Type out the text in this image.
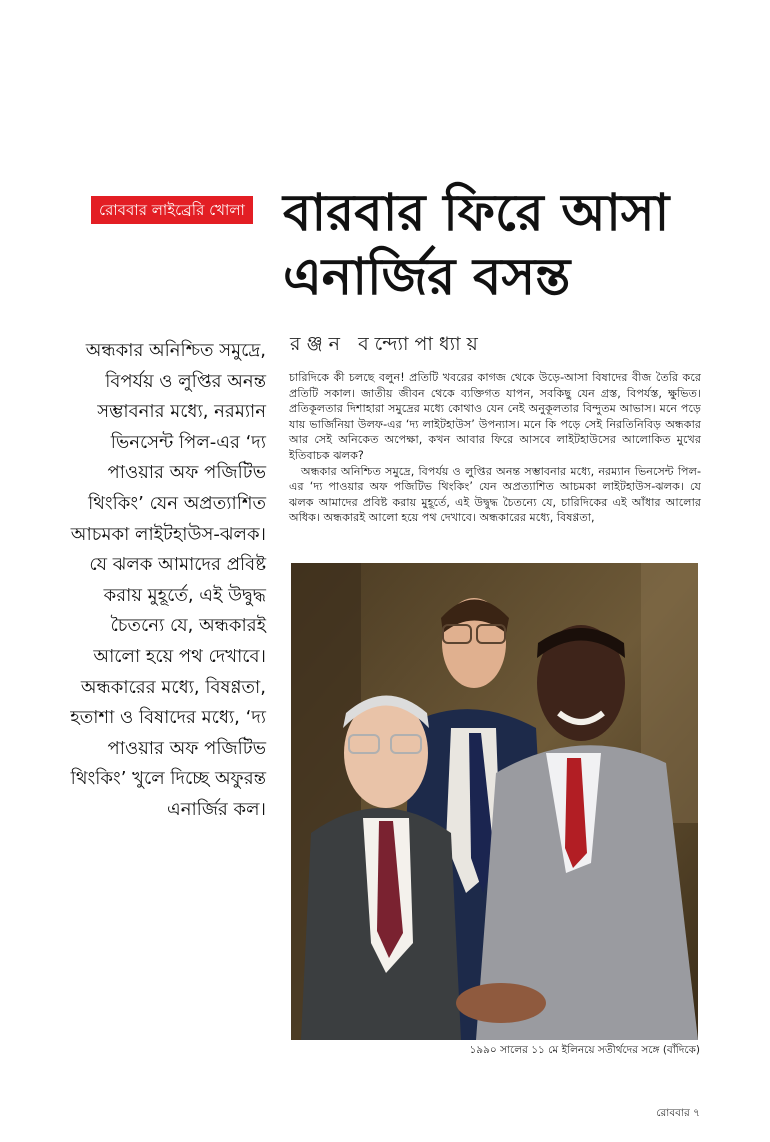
রোববার লাইব্রেরি খোলা বারবার ফিরে আসা এনার্জির বসন্ত
রঞ্জন বন্দ্যোপাধ্যায়
অন্ধকার অনিশ্চিত সমুদ্রে, বিপর্যয় ও লুপ্তির অনন্ত সম্ভাবনার মধ্যে, নরম্যান ভিনসেন্ট পিল-এর ‘দ্য পাওয়ার অফ পজিটিভ থিংকিং’ যেন অপ্রত্যাশিত আচমকা লাইটহাউস-ঝলক। যে ঝলক আমাদের প্রবিষ্ট করায় মুহূর্তে, এই উদ্বুদ্ধ চৈতন্যে যে, অন্ধকারই আলো হয়ে পথ দেখাবে। অন্ধকারের মধ্যে, বিষণ্ণতা, হতাশা ও বিষাদের মধ্যে, ‘দ্য পাওয়ার অফ পজিটিভ থিংকিং’ খুলে দিচ্ছে অফুরন্ত এনার্জির কল।

চারিদিকে কী চলছে বলুন! প্রতিটি খবরের কাগজ থেকে উড়ে-আসা বিষাদের বীজ তৈরি করে প্রতিটি সকাল। জাতীয় জীবন থেকে ব্যক্তিগত যাপন, সবকিছু যেন গ্রস্ত, বিপর্যস্ত, ক্ষুভিত। প্রতিকূলতার দিশাহারা সমুদ্রের মধ্যে কোথাও যেন নেই অনুকূলতার বিন্দুতম আভাস। মনে পড়ে যায় ভার্জিনিয়া উলফ-এর ‘দ্য লাইটহাউস’ উপন্যাস। মনে কি পড়ে সেই নিরতিনিবিড় অন্ধকার আর সেই অনিকেত অপেক্ষা, কখন আবার ফিরে আসবে লাইটহাউসের আলোকিত মুখের ইতিবাচক ঝলক?

অন্ধকার অনিশ্চিত সমুদ্রে, বিপর্যয় ও লুপ্তির অনন্ত সম্ভাবনার মধ্যে, নরম্যান ভিনসেন্ট পিল-এর ‘দ্য পাওয়ার অফ পজিটিভ থিংকিং’ যেন অপ্রত্যাশিত আচমকা লাইটহাউস-ঝলক। যে ঝলক আমাদের প্রবিষ্ট করায় মুহূর্তে, এই উদ্বুদ্ধ চৈতন্যে যে, চারিদিকের এই আঁধার আলোর অধিক। অন্ধকারই আলো হয়ে পথ দেখাবে। অন্ধকারের মধ্যে, বিষণ্ণতা,

১৯৯০ সালের ১১ মে ইলিনয়ে সতীর্থদের সঙ্গে (বাঁদিকে)
রোববার ৭
